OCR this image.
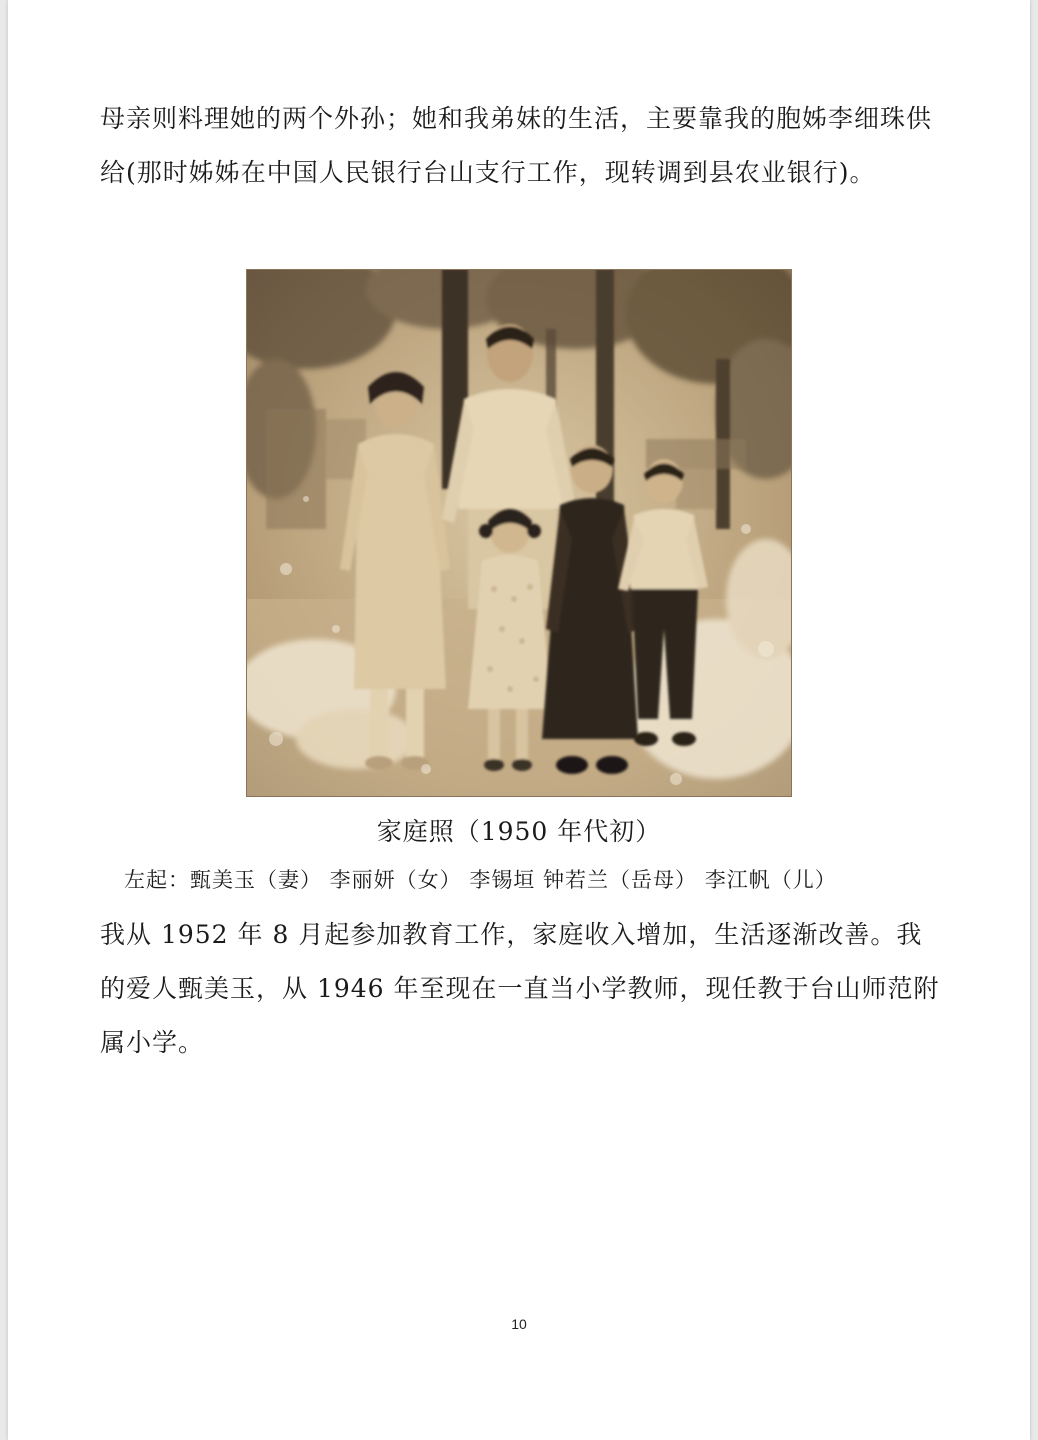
母亲则料理她的两个外孙；她和我弟妹的生活，主要靠我的胞姊李细珠供给(那时姊姊在中国人民银行台山支行工作，现转调到县农业银行)。

家庭照（1950 年代初）
左起：甄美玉（妻） 李丽妍（女） 李锡垣 钟若兰（岳母） 李江帆（儿）

我从 1952 年 8 月起参加教育工作，家庭收入增加，生活逐渐改善。我的爱人甄美玉，从 1946 年至现在一直当小学教师，现任教于台山师范附属小学。

10
